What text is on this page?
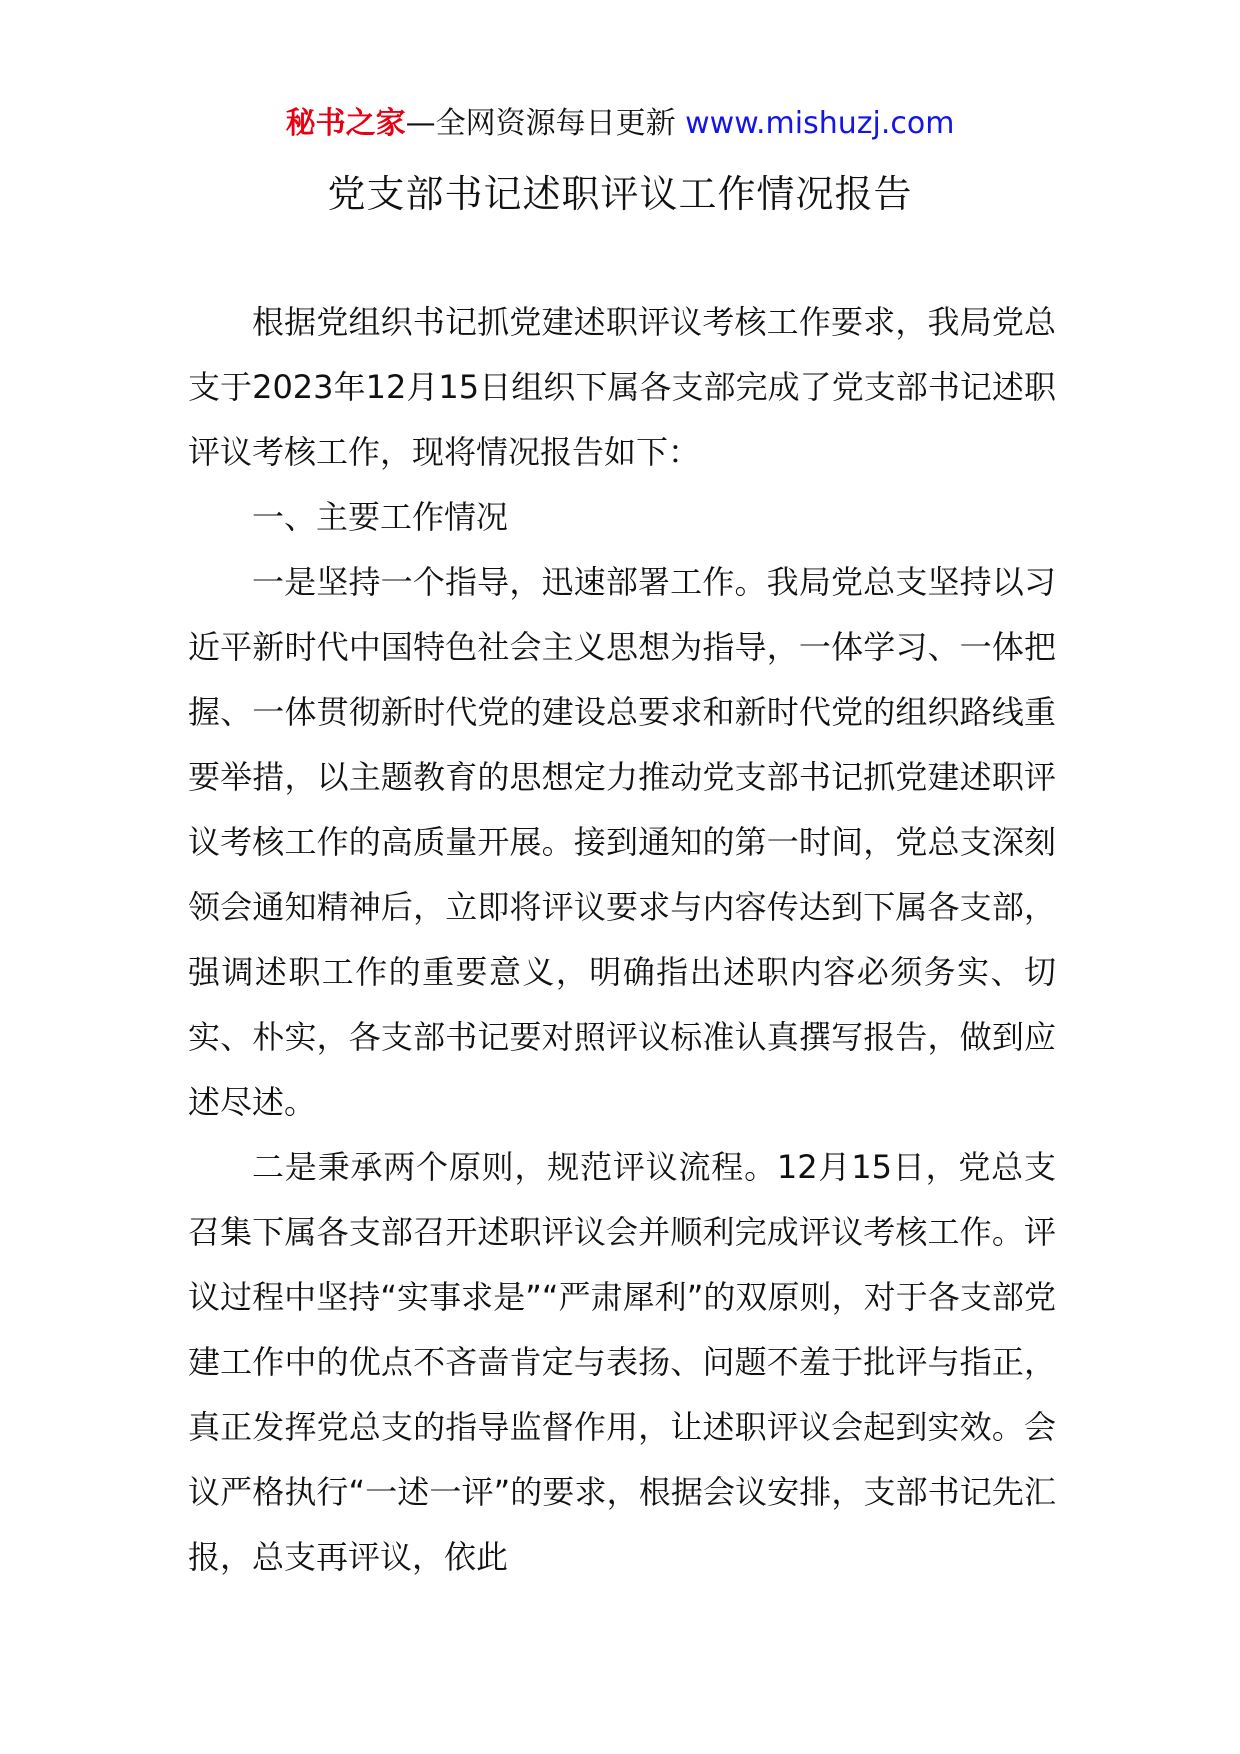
秘书之家—全网资源每日更新 www.mishuzj.com
党支部书记述职评议工作情况报告

根据党组织书记抓党建述职评议考核工作要求，我局党总支于2023年12月15日组织下属各支部完成了党支部书记述职评议考核工作，现将情况报告如下：

一、主要工作情况

一是坚持一个指导，迅速部署工作。我局党总支坚持以习近平新时代中国特色社会主义思想为指导，一体学习、一体把握、一体贯彻新时代党的建设总要求和新时代党的组织路线重要举措，以主题教育的思想定力推动党支部书记抓党建述职评议考核工作的高质量开展。接到通知的第一时间，党总支深刻领会通知精神后，立即将评议要求与内容传达到下属各支部，强调述职工作的重要意义，明确指出述职内容必须务实、切实、朴实，各支部书记要对照评议标准认真撰写报告，做到应述尽述。

二是秉承两个原则，规范评议流程。12月15日，党总支召集下属各支部召开述职评议会并顺利完成评议考核工作。评议过程中坚持“实事求是”“严肃犀利”的双原则，对于各支部党建工作中的优点不吝啬肯定与表扬、问题不羞于批评与指正，真正发挥党总支的指导监督作用，让述职评议会起到实效。会议严格执行“一述一评”的要求，根据会议安排，支部书记先汇报，总支再评议，依此
